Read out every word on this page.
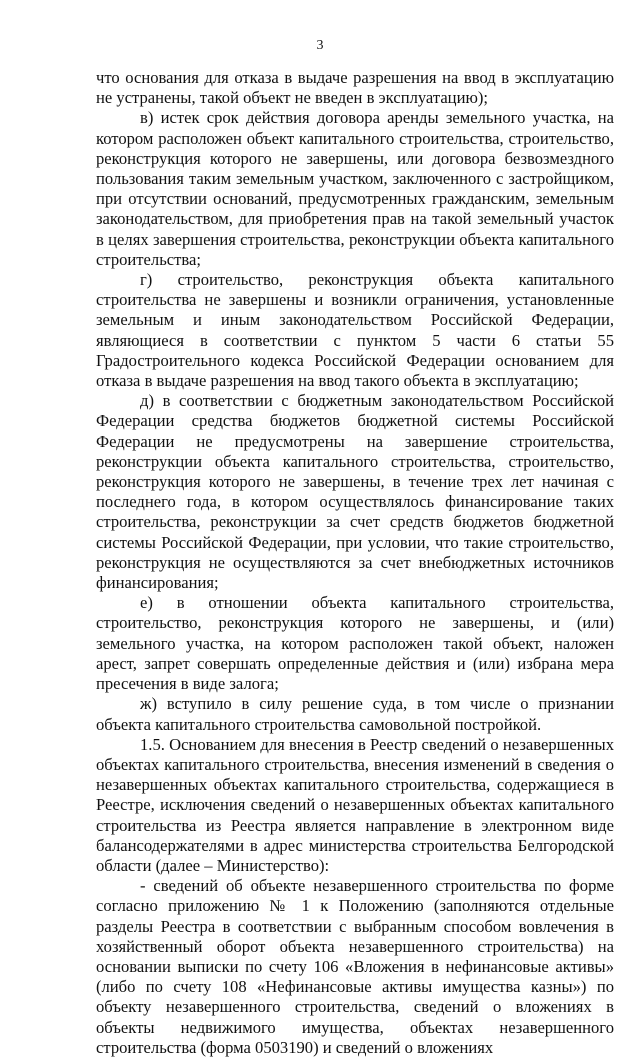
3

что основания для отказа в выдаче разрешения на ввод в эксплуатацию не устранены, такой объект не введен в эксплуатацию);

в) истек срок действия договора аренды земельного участка, на котором расположен объект капитального строительства, строительство, реконструкция которого не завершены, или договора безвозмездного пользования таким земельным участком, заключенного с застройщиком, при отсутствии оснований, предусмотренных гражданским, земельным законодательством, для приобретения прав на такой земельный участок в целях завершения строительства, реконструкции объекта капитального строительства;

г) строительство, реконструкция объекта капитального строительства не завершены и возникли ограничения, установленные земельным и иным законодательством Российской Федерации, являющиеся в соответствии с пунктом 5 части 6 статьи 55 Градостроительного кодекса Российской Федерации основанием для отказа в выдаче разрешения на ввод такого объекта в эксплуатацию;

д) в соответствии с бюджетным законодательством Российской Федерации средства бюджетов бюджетной системы Российской Федерации не предусмотрены на завершение строительства, реконструкции объекта капитального строительства, строительство, реконструкция которого не завершены, в течение трех лет начиная с последнего года, в котором осуществлялось финансирование таких строительства, реконструкции за счет средств бюджетов бюджетной системы Российской Федерации, при условии, что такие строительство, реконструкция не осуществляются за счет внебюджетных источников финансирования;

е) в отношении объекта капитального строительства, строительство, реконструкция которого не завершены, и (или) земельного участка, на котором расположен такой объект, наложен арест, запрет совершать определенные действия и (или) избрана мера пресечения в виде залога;

ж) вступило в силу решение суда, в том числе о признании объекта капитального строительства самовольной постройкой.

1.5. Основанием для внесения в Реестр сведений о незавершенных объектах капитального строительства, внесения изменений в сведения о незавершенных объектах капитального строительства, содержащиеся в Реестре, исключения сведений о незавершенных объектах капитального строительства из Реестра является направление в электронном виде балансодержателями в адрес министерства строительства Белгородской области (далее – Министерство):

- сведений об объекте незавершенного строительства по форме согласно приложению № 1 к Положению (заполняются отдельные разделы Реестра в соответствии с выбранным способом вовлечения в хозяйственный оборот объекта незавершенного строительства) на основании выписки по счету 106 «Вложения в нефинансовые активы» (либо по счету 108 «Нефинансовые активы имущества казны») по объекту незавершенного строительства, сведений о вложениях в объекты недвижимого имущества, объектах незавершенного строительства (форма 0503190) и сведений о вложениях
